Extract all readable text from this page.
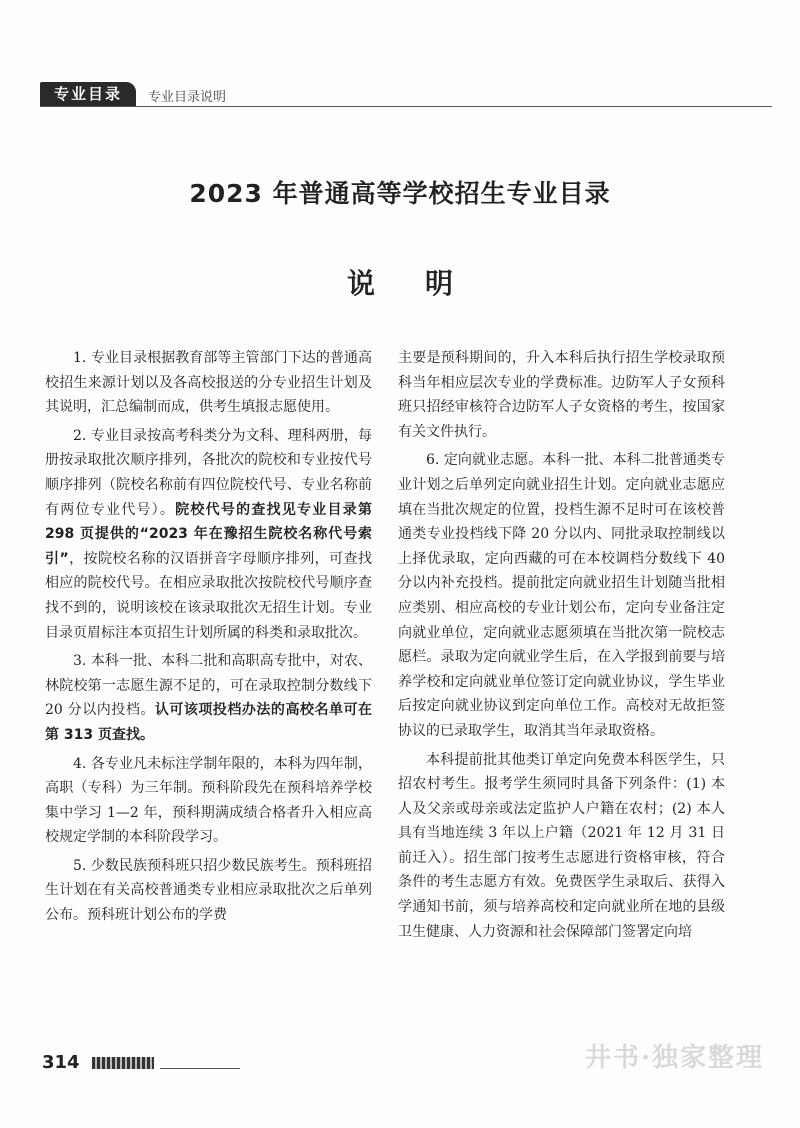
专业目录	专业目录说明
2023 年普通高等学校招生专业目录
说明

1. 专业目录根据教育部等主管部门下达的普通高校招生来源计划以及各高校报送的分专业招生计划及其说明，汇总编制而成，供考生填报志愿使用。

2. 专业目录按高考科类分为文科、理科两册，每册按录取批次顺序排列，各批次的院校和专业按代号顺序排列（院校名称前有四位院校代号、专业名称前有两位专业代号）。院校代号的查找见专业目录第 298 页提供的“2023 年在豫招生院校名称代号索引”，按院校名称的汉语拼音字母顺序排列，可查找相应的院校代号。在相应录取批次按院校代号顺序查找不到的，说明该校在该录取批次无招生计划。专业目录页眉标注本页招生计划所属的科类和录取批次。

3. 本科一批、本科二批和高职高专批中，对农、林院校第一志愿生源不足的，可在录取控制分数线下 20 分以内投档。认可该项投档办法的高校名单可在第 313 页查找。

4. 各专业凡未标注学制年限的，本科为四年制，高职（专科）为三年制。预科阶段先在预科培养学校集中学习 1—2 年，预科期满成绩合格者升入相应高校规定学制的本科阶段学习。

5. 少数民族预科班只招少数民族考生。预科班招生计划在有关高校普通类专业相应录取批次之后单列公布。预科班计划公布的学费

主要是预科期间的，升入本科后执行招生学校录取预科当年相应层次专业的学费标准。边防军人子女预科班只招经审核符合边防军人子女资格的考生，按国家有关文件执行。

6. 定向就业志愿。本科一批、本科二批普通类专业计划之后单列定向就业招生计划。定向就业志愿应填在当批次规定的位置，投档生源不足时可在该校普通类专业投档线下降 20 分以内、同批录取控制线以上择优录取，定向西藏的可在本校调档分数线下 40 分以内补充投档。提前批定向就业招生计划随当批相应类别、相应高校的专业计划公布，定向专业备注定向就业单位，定向就业志愿须填在当批次第一院校志愿栏。录取为定向就业学生后，在入学报到前要与培养学校和定向就业单位签订定向就业协议，学生毕业后按定向就业协议到定向单位工作。高校对无故拒签协议的已录取学生，取消其当年录取资格。

本科提前批其他类订单定向免费本科医学生，只招农村考生。报考学生须同时具备下列条件：(1) 本人及父亲或母亲或法定监护人户籍在农村；(2) 本人具有当地连续 3 年以上户籍（2021 年 12 月 31 日前迁入）。招生部门按考生志愿进行资格审核，符合条件的考生志愿方有效。免费医学生录取后、获得入学通知书前，须与培养高校和定向就业所在地的县级卫生健康、人力资源和社会保障部门签署定向培

314	井书·独家整理
